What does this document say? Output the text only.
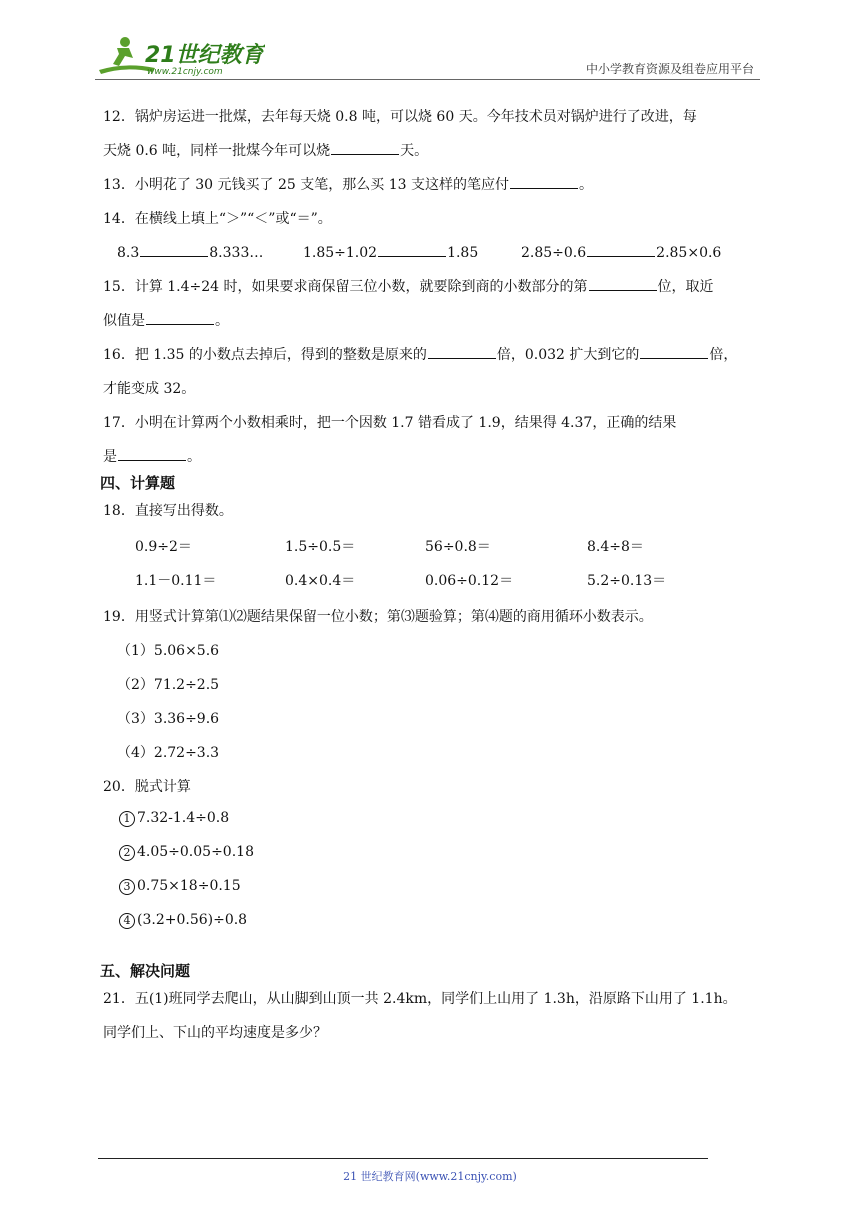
21世纪教育
www.21cnjy.com	中小学教育资源及组卷应用平台
12．锅炉房运进一批煤，去年每天烧 0.8 吨，可以烧 60 天。今年技术员对锅炉进行了改进，每
天烧 0.6 吨，同样一批煤今年可以烧	天。
13．小明花了 30 元钱买了 25 支笔，那么买 13 支这样的笔应付	。
14．在横线上填上“＞”“＜”或“＝”。
8.3	8.333…	1.85÷1.02	1.85	2.85÷0.6	2.85×0.6
15．计算 1.4÷24 时，如果要求商保留三位小数，就要除到商的小数部分的第	位，取近
似值是	。
16．把 1.35 的小数点去掉后，得到的整数是原来的	倍，0.032 扩大到它的	倍，
才能变成 32。
17．小明在计算两个小数相乘时，把一个因数 1.7 错看成了 1.9，结果得 4.37，正确的结果
是	。
四、计算题
18．直接写出得数。
0.9÷2＝	1.5÷0.5＝	56÷0.8＝	8.4÷8＝
1.1－0.11＝	0.4×0.4＝	0.06÷0.12＝	5.2÷0.13＝
19．用竖式计算第⑴⑵题结果保留一位小数；第⑶题验算；第⑷题的商用循环小数表示。
（1）5.06×5.6
（2）71.2÷2.5
（3）3.36÷9.6
（4）2.72÷3.3
20．脱式计算
1 7.32-1.4÷0.8
2 4.05÷0.05÷0.18
3 0.75×18÷0.15
4 (3.2+0.56)÷0.8
五、解决问题
21．五(1)班同学去爬山，从山脚到山顶一共 2.4km，同学们上山用了 1.3h，沿原路下山用了 1.1h。
同学们上、下山的平均速度是多少？
21 世纪教育网(www.21cnjy.com)
